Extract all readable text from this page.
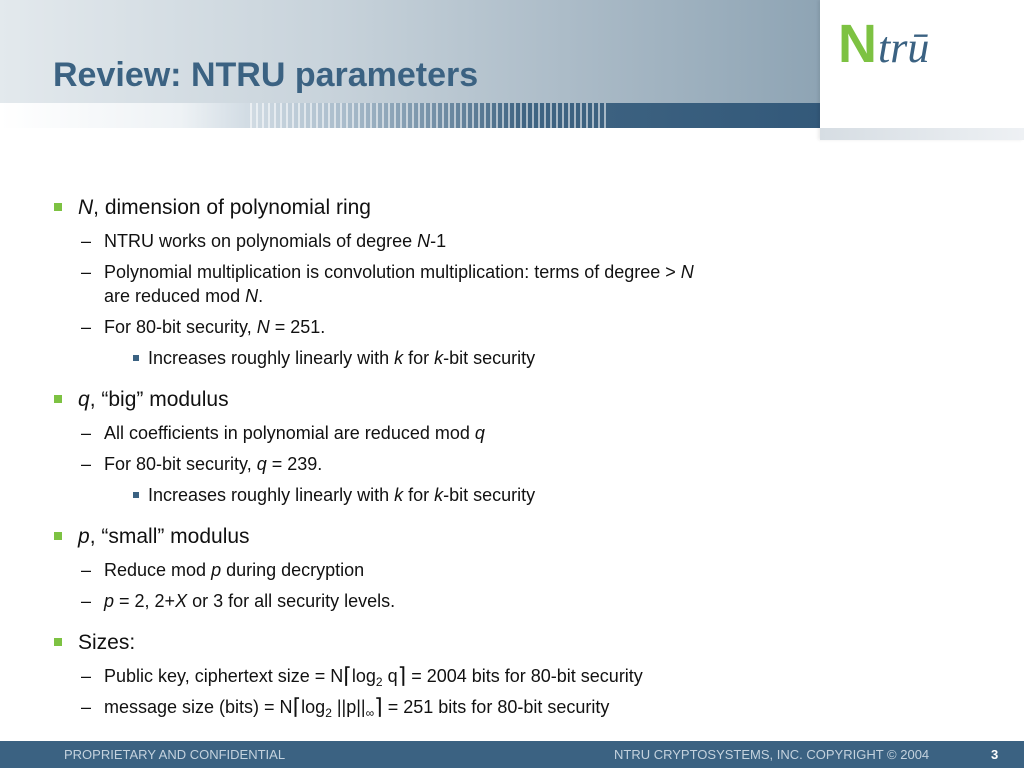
N trū
Review: NTRU parameters
N, dimension of polynomial ring
– NTRU works on polynomials of degree N-1
– Polynomial multiplication is convolution multiplication: terms of degree > N
are reduced mod N.
– For 80-bit security, N = 251.
Increases roughly linearly with k for k-bit security
q, “big” modulus
– All coefficients in polynomial are reduced mod q
– For 80-bit security, q = 239.
Increases roughly linearly with k for k-bit security
p, “small” modulus
– Reduce mod p during decryption
– p = 2, 2+X or 3 for all security levels.
Sizes:
– Public key, ciphertext size = $N⌈\log_2$ q⌉ = 2004 bits for 80-bit security
– message size (bits) = $N⌈\log_2$ $||p||_\infty⌉ = 251$ bits for 80-bit security
PROPRIETARY AND CONFIDENTIAL	NTRU CRYPTOSYSTEMS, INC. COPYRIGHT © 2004	3
